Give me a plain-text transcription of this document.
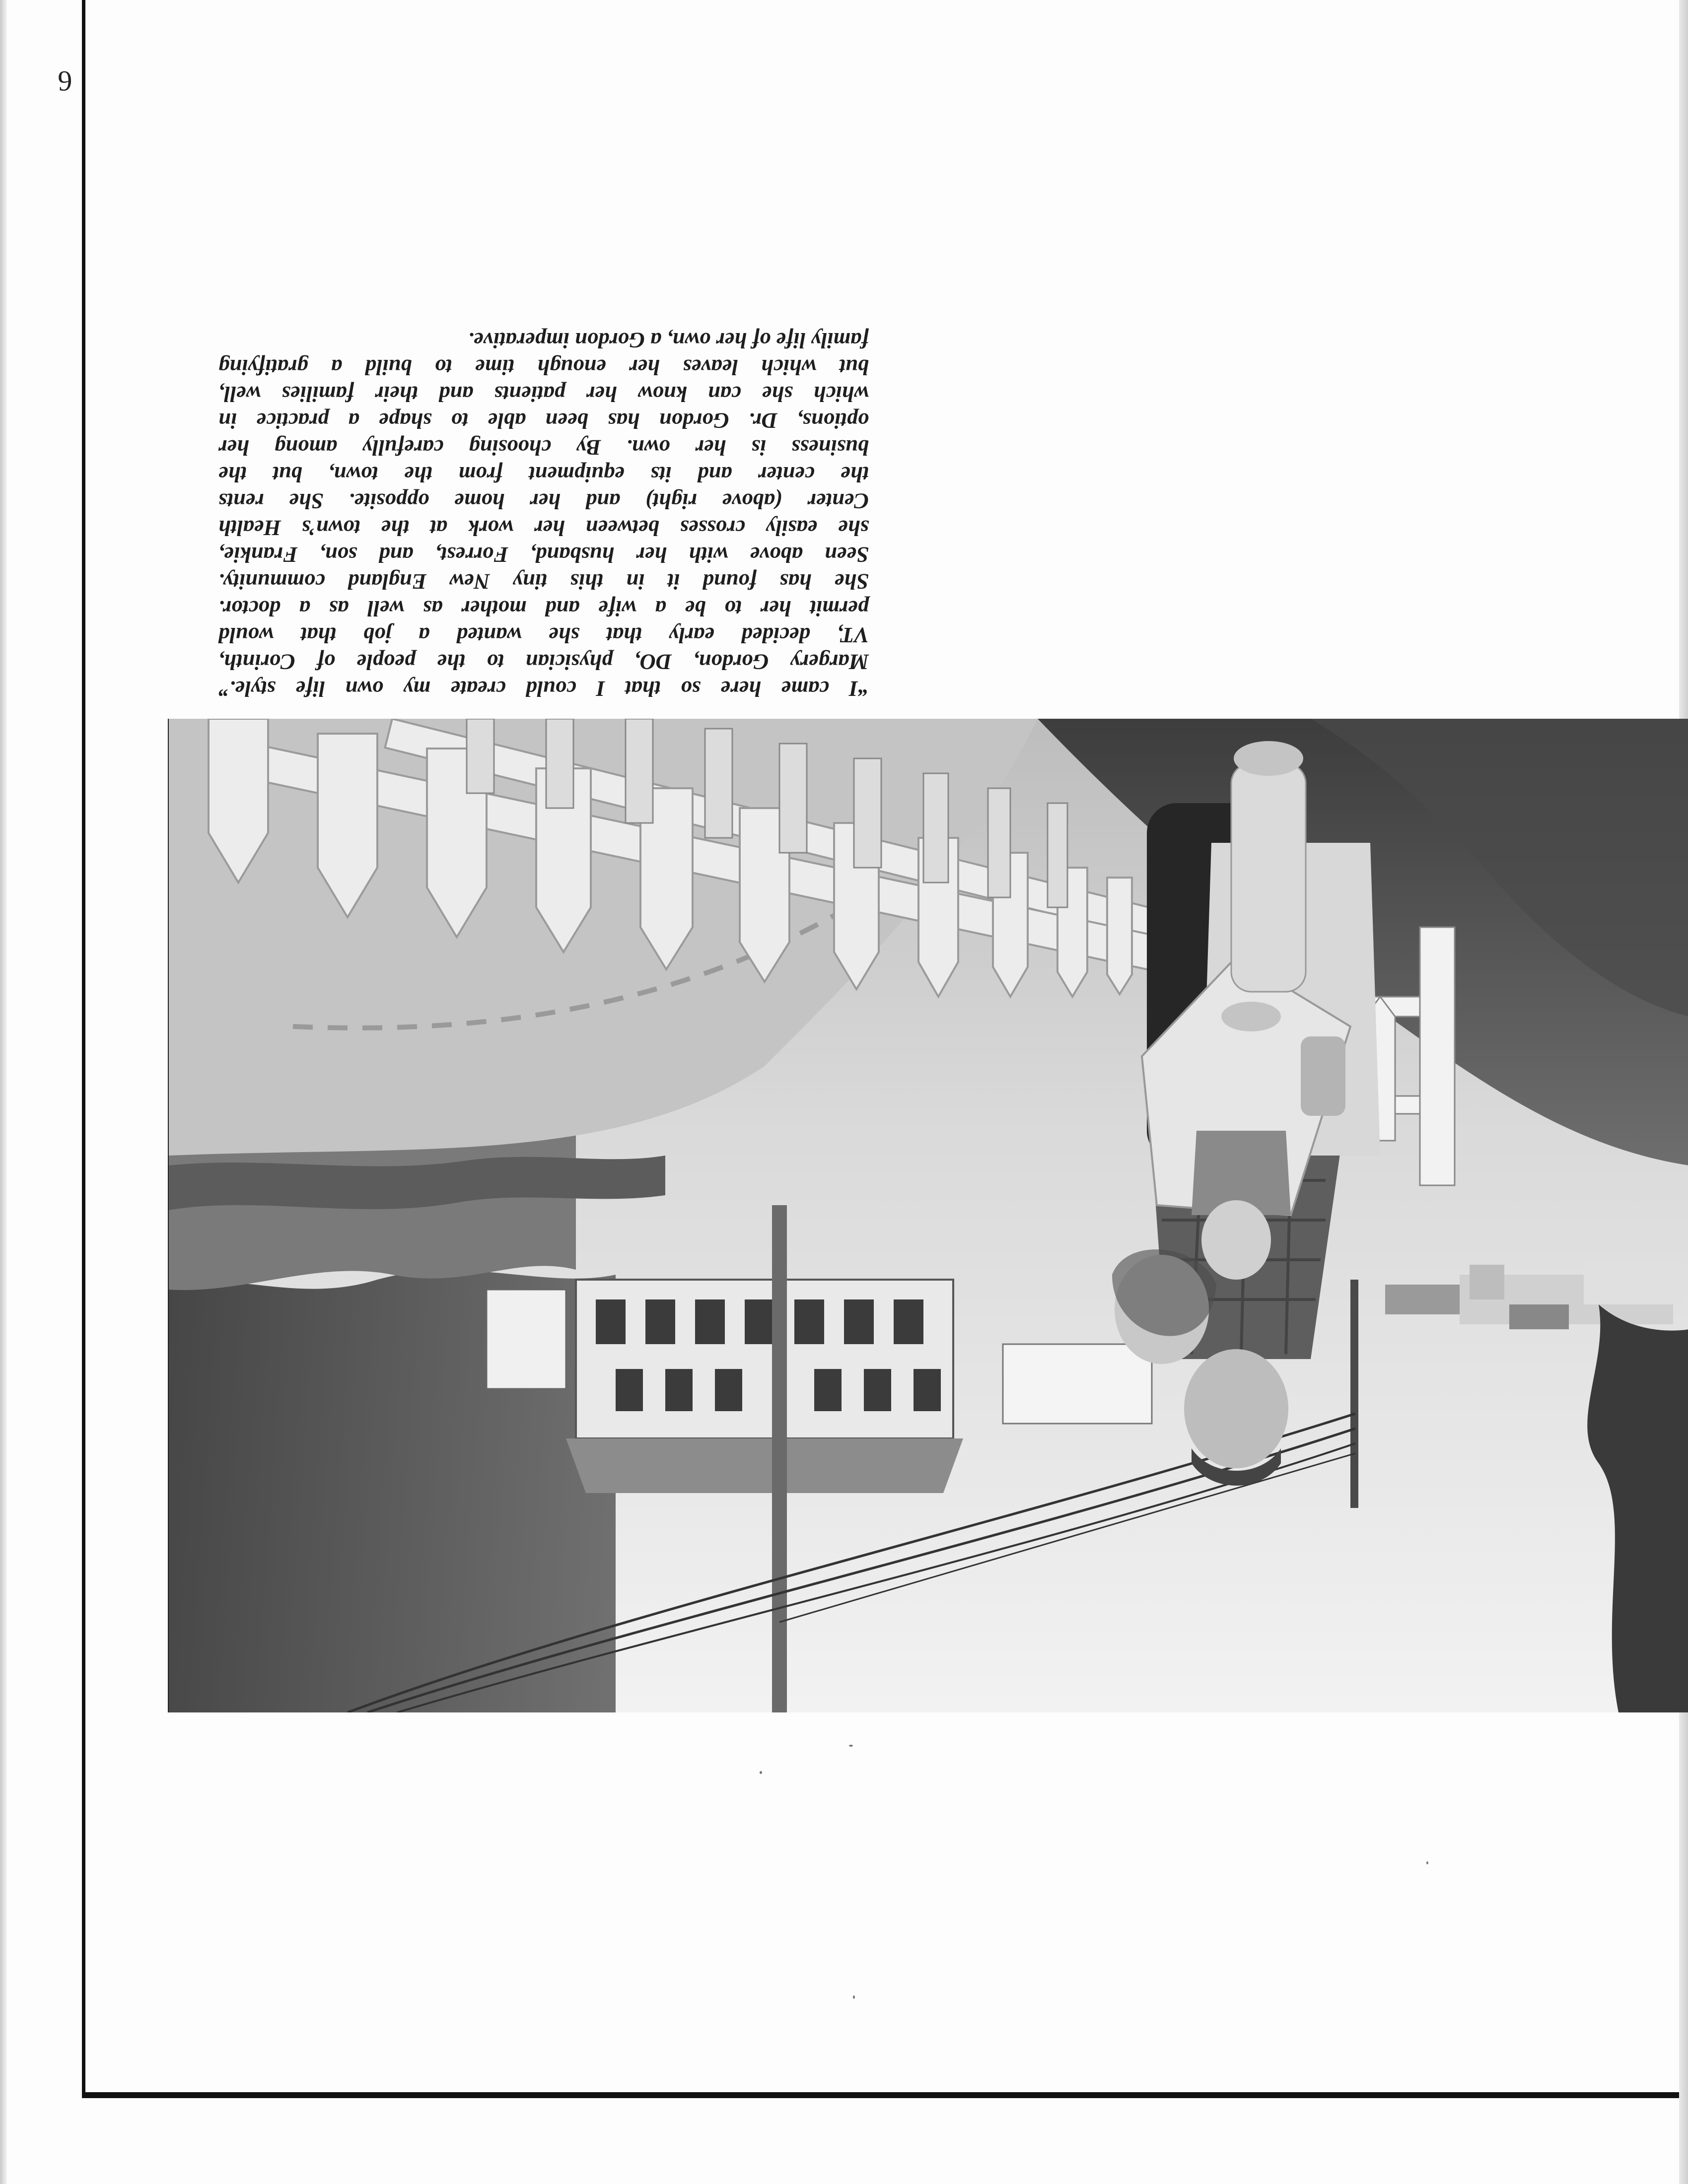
6
“I came here so that I could create my own life style.”
Margery Gordon, DO, physician to the people of Corinth,
VT, decided early that she wanted a job that would
permit her to be a wife and mother as well as a doctor.
She has found it in this tiny New England community.
Seen above with her husband, Forrest, and son, Frankie,
she easily crosses between her work at the town’s Health
Center (above right) and her home opposite. She rents
the center and its equipment from the town, but the
business is her own. By choosing carefully among her
options, Dr. Gordon has been able to shape a practice in
which she can know her patients and their families well,
but which leaves her enough time to build a gratifying
family life of her own, a Gordon imperative.
